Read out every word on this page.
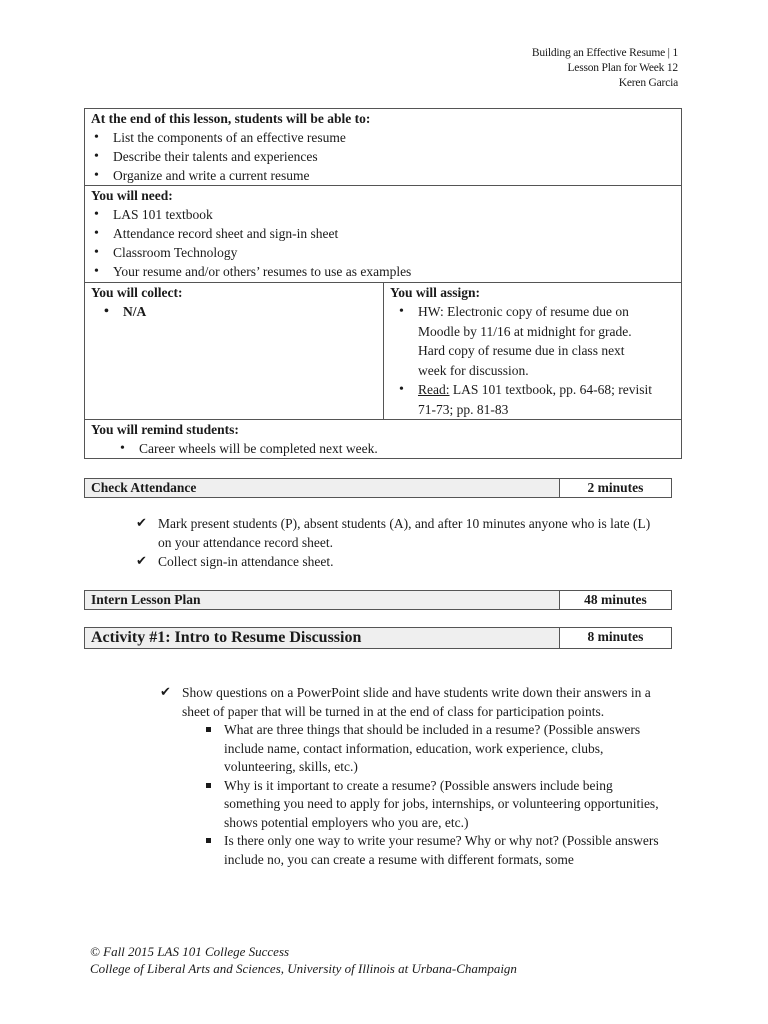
Building an Effective Resume | 1
Lesson Plan for Week 12
Keren Garcia
At the end of this lesson, students will be able to:
• List the components of an effective resume
• Describe their talents and experiences
• Organize and write a current resume

You will need:
• LAS 101 textbook
• Attendance record sheet and sign-in sheet
• Classroom Technology
• Your resume and/or others’ resumes to use as examples

You will collect:
• N/A

You will assign:
• HW: Electronic copy of resume due on Moodle by 11/16 at midnight for grade. Hard copy of resume due in class next week for discussion.
• Read: LAS 101 textbook, pp. 64-68; revisit 71-73; pp. 81-83

You will remind students:
• Career wheels will be completed next week.
Check Attendance	2 minutes
✔ Mark present students (P), absent students (A), and after 10 minutes anyone who is late (L) on your attendance record sheet.
✔ Collect sign-in attendance sheet.
Intern Lesson Plan	48 minutes
Activity #1: Intro to Resume Discussion	8 minutes
✔ Show questions on a PowerPoint slide and have students write down their answers in a sheet of paper that will be turned in at the end of class for participation points.
What are three things that should be included in a resume? (Possible answers include name, contact information, education, work experience, clubs, volunteering, skills, etc.)
Why is it important to create a resume? (Possible answers include being something you need to apply for jobs, internships, or volunteering opportunities, shows potential employers who you are, etc.)
Is there only one way to write your resume? Why or why not? (Possible answers include no, you can create a resume with different formats, some
© Fall 2015 LAS 101 College Success
College of Liberal Arts and Sciences, University of Illinois at Urbana-Champaign
